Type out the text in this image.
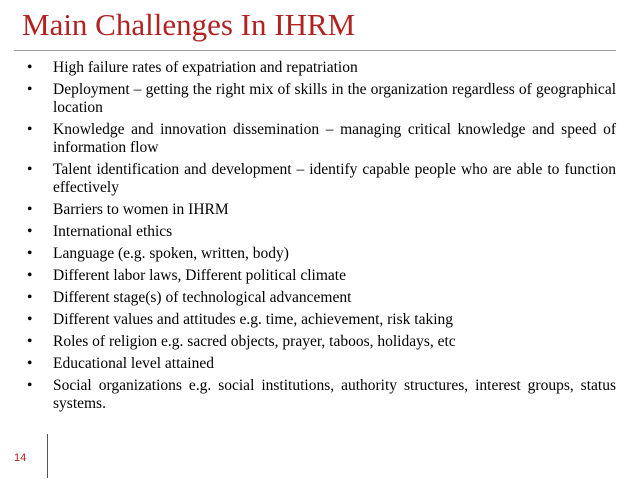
Main Challenges In IHRM
• High failure rates of expatriation and repatriation
• Deployment – getting the right mix of skills in the organization regardless of geographical location
• Knowledge and innovation dissemination – managing critical knowledge and speed of information flow
• Talent identification and development – identify capable people who are able to function effectively
• Barriers to women in IHRM
• International ethics
• Language (e.g. spoken, written, body)
• Different labor laws, Different political climate
• Different stage(s) of technological advancement
• Different values and attitudes e.g. time, achievement, risk taking
• Roles of religion e.g. sacred objects, prayer, taboos, holidays, etc
• Educational level attained
• Social organizations e.g. social institutions, authority structures, interest groups, status systems.
14
